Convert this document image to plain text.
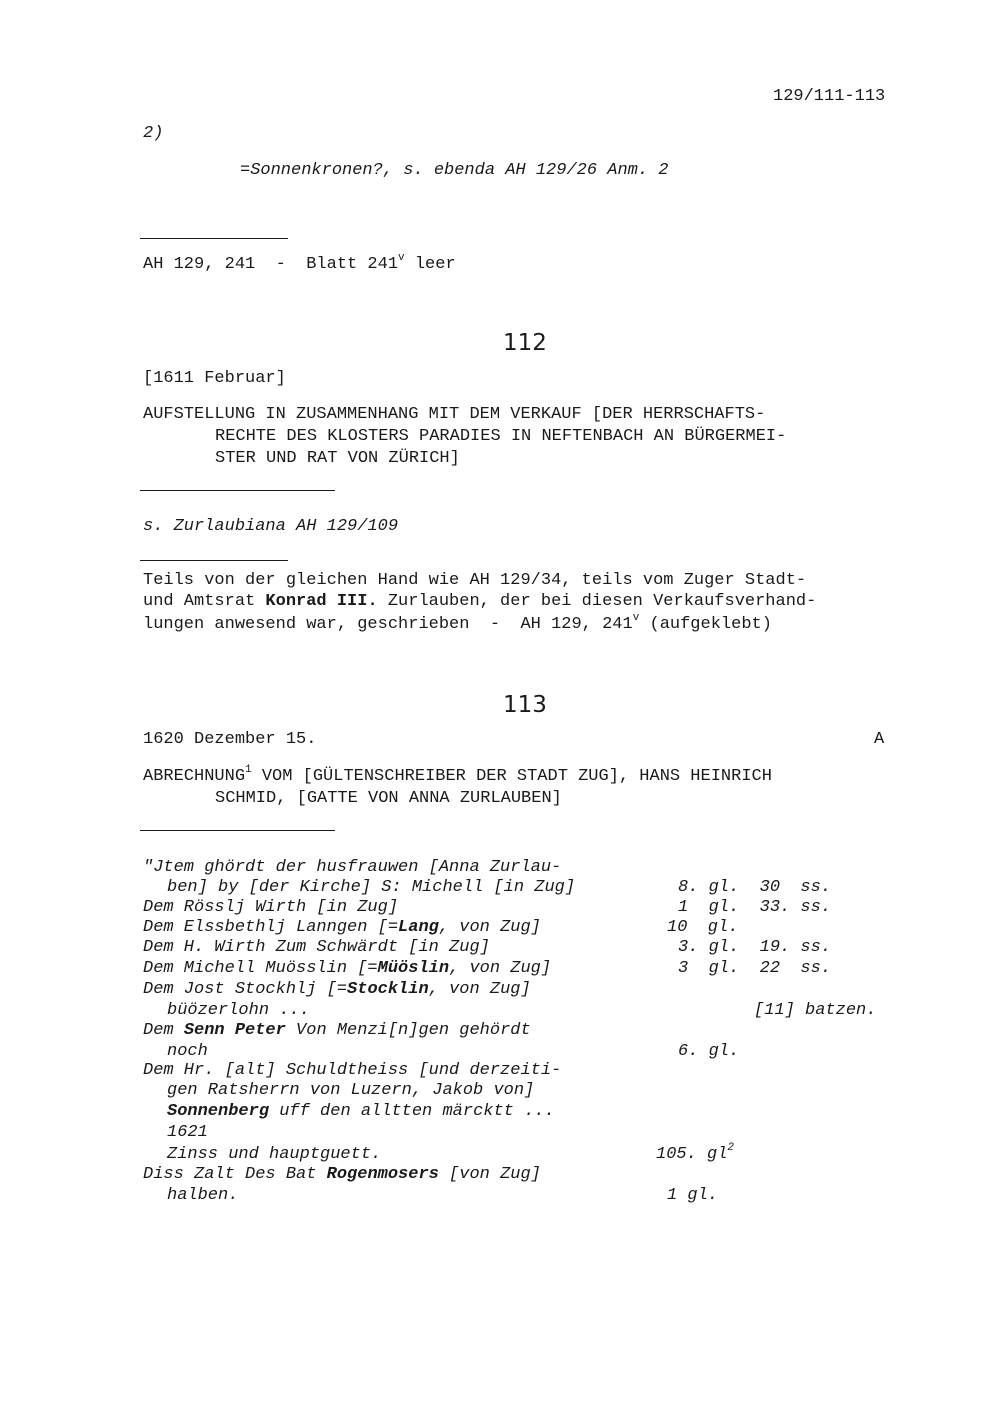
129/111-113
2)
=Sonnenkronen?, s. ebenda AH 129/26 Anm. 2
AH 129, 241  -  Blatt 241$^v$ leer
112
[1611 Februar]
AUFSTELLUNG IN ZUSAMMENHANG MIT DEM VERKAUF [DER HERRSCHAFTS-
RECHTE DES KLOSTERS PARADIES IN NEFTENBACH AN BÜRGERMEI-
STER UND RAT VON ZÜRICH]
s. Zurlaubiana AH 129/109
Teils von der gleichen Hand wie AH 129/34, teils vom Zuger Stadt-
und Amtsrat Konrad III. Zurlauben, der bei diesen Verkaufsverhand-
lungen anwesend war, geschrieben  -  AH 129, 241$^v$ (aufgeklebt)
113
1620 Dezember 15.	A
ABRECHNUNG$^1$ VOM [GÜLTENSCHREIBER DER STADT ZUG], HANS HEINRICH
SCHMID, [GATTE VON ANNA ZURLAUBEN]
"Jtem ghördt der husfrauwen [Anna Zurlau-
ben] by [der Kirche] S: Michell [in Zug]	8. gl.  30  ss.
Dem Rösslj Wirth [in Zug]	1  gl.  33. ss.
Dem Elssbethlj Lanngen [=Lang, von Zug]	10  gl.
Dem H. Wirth Zum Schwärdt [in Zug]	3. gl.  19. ss.
Dem Michell Muösslin [=Müöslin, von Zug]	3  gl.  22  ss.
Dem Jost Stockhlj [=Stocklin, von Zug]
büözerlohn ...	[11] batzen.
Dem Senn Peter Von Menzi[n]gen gehördt
noch	6. gl.
Dem Hr. [alt] Schuldtheiss [und derzeiti-
gen Ratsherrn von Luzern, Jakob von]
Sonnenberg uff den alltten märcktt ...
1621
Zinss und hauptguett.	105. $gl^2$
Diss Zalt Des Bat Rogenmosers [von Zug]
halben.	1 gl.
